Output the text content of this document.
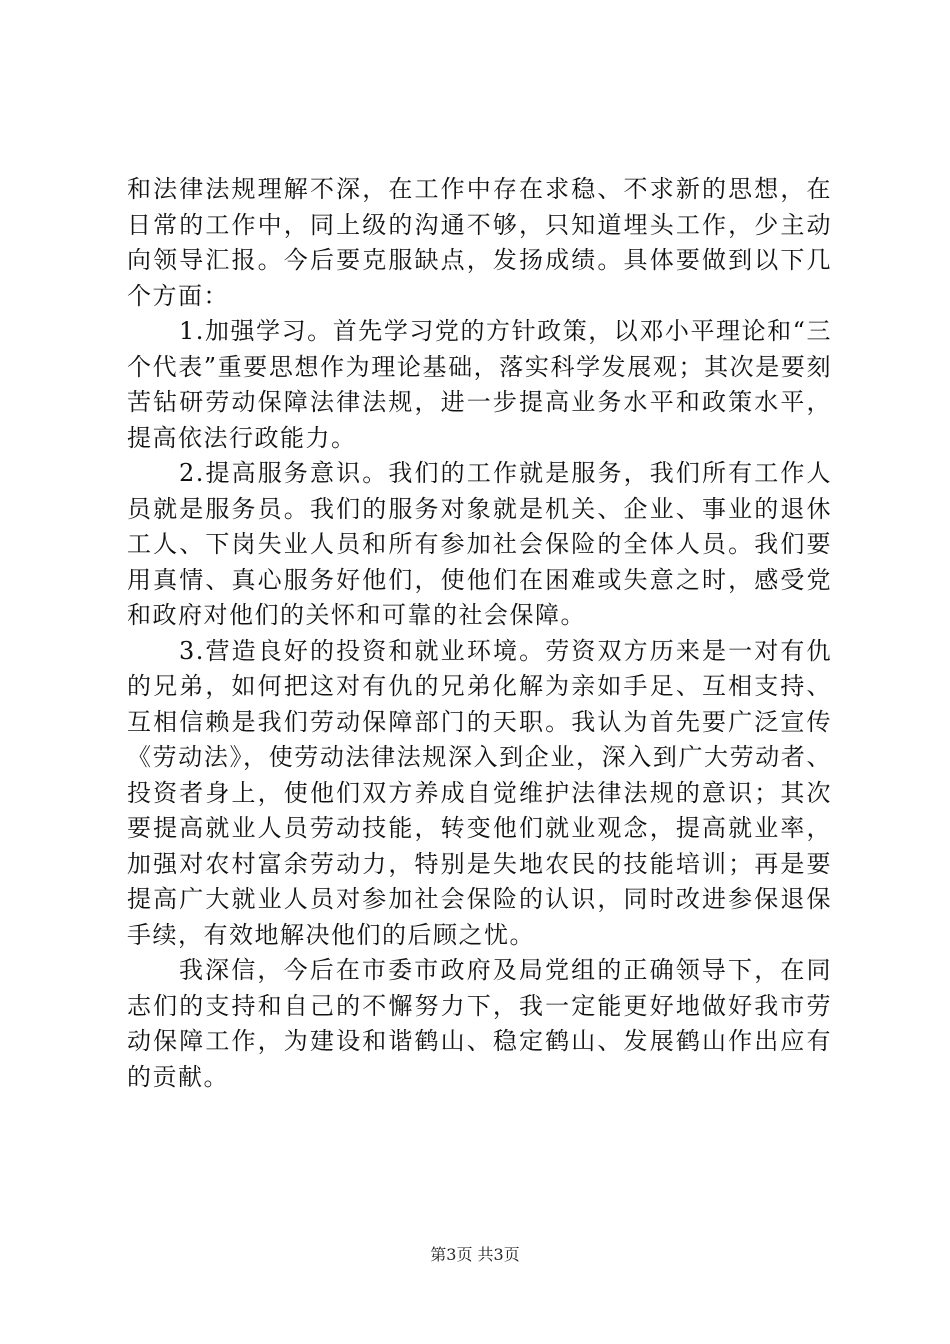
和法律法规理解不深，在工作中存在求稳、不求新的思想，在日常的工作中，同上级的沟通不够，只知道埋头工作，少主动向领导汇报。今后要克服缺点，发扬成绩。具体要做到以下几个方面：

1.加强学习。首先学习党的方针政策，以邓小平理论和“三个代表”重要思想作为理论基础，落实科学发展观；其次是要刻苦钻研劳动保障法律法规，进一步提高业务水平和政策水平，提高依法行政能力。

2.提高服务意识。我们的工作就是服务，我们所有工作人员就是服务员。我们的服务对象就是机关、企业、事业的退休工人、下岗失业人员和所有参加社会保险的全体人员。我们要用真情、真心服务好他们，使他们在困难或失意之时，感受党和政府对他们的关怀和可靠的社会保障。

3.营造良好的投资和就业环境。劳资双方历来是一对有仇的兄弟，如何把这对有仇的兄弟化解为亲如手足、互相支持、互相信赖是我们劳动保障部门的天职。我认为首先要广泛宣传《劳动法》，使劳动法律法规深入到企业，深入到广大劳动者、投资者身上，使他们双方养成自觉维护法律法规的意识；其次要提高就业人员劳动技能，转变他们就业观念，提高就业率，加强对农村富余劳动力，特别是失地农民的技能培训；再是要提高广大就业人员对参加社会保险的认识，同时改进参保退保手续，有效地解决他们的后顾之忧。

我深信，今后在市委市政府及局党组的正确领导下，在同志们的支持和自己的不懈努力下，我一定能更好地做好我市劳动保障工作，为建设和谐鹤山、稳定鹤山、发展鹤山作出应有的贡献。

第3页 共3页
